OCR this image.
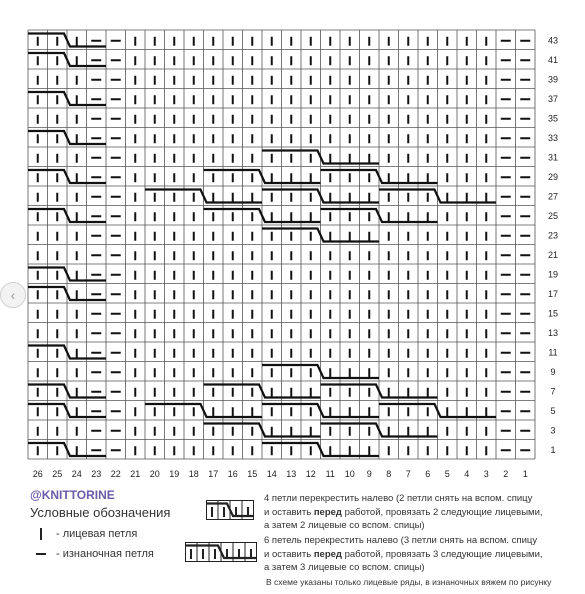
43
41
39
37
35
33
31
29
27
25
23
21
19
17
15
13
11
9
7
5
3
1
26 25 24 23 22 21 20 19 18 17 16 15 14 13 12 11 10 9 8 7 6 5 4 3 2 1
‹
@KNITTORINE
Условные обозначения
- лицевая петля
- изнаночная петля
4 петли перекрестить налево (2 петли снять на вспом. спицу
и оставить перед работой, провязать 2 следующие лицевыми,
а затем 2 лицевые со вспом. спицы)
6 петель перекрестить налево (3 петли снять на вспом. спицу
и оставить перед работой, провязать 3 следующие лицевыми,
а затем 3 лицевые со вспом. спицы)
В схеме указаны только лицевые ряды, в изнаночных вяжем по рисунку
